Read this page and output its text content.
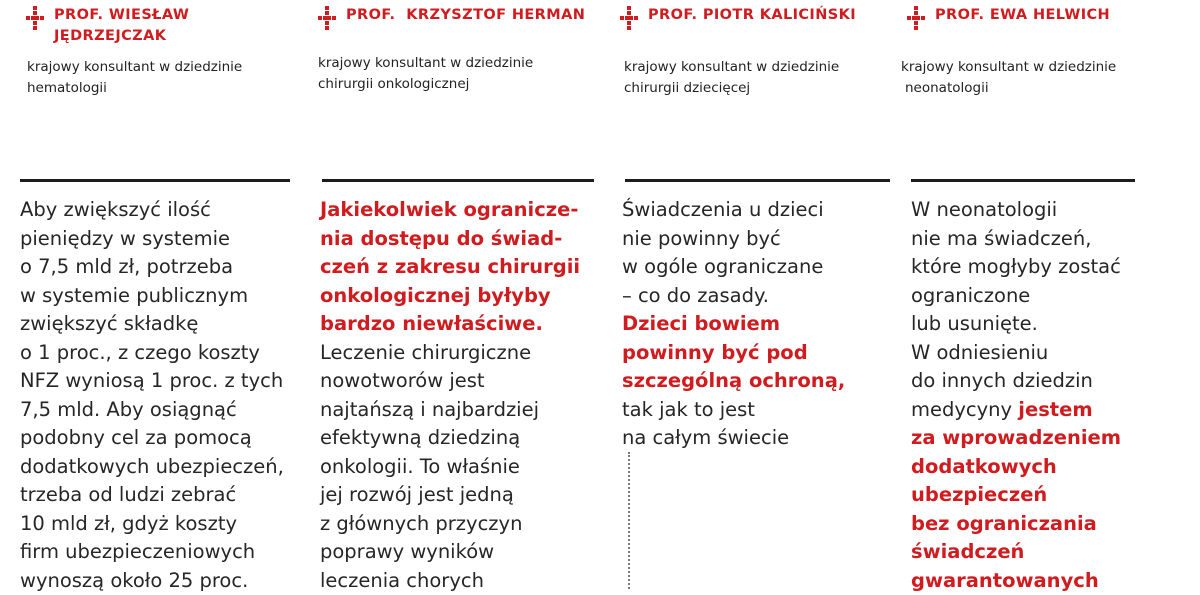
PROF. WIESŁAW
JĘDRZEJCZAK
krajowy konsultant w dziedzinie
hematologii
Aby zwiększyć ilość
pieniędzy w systemie
o 7,5 mld zł, potrzeba
w systemie publicznym
zwiększyć składkę
o 1 proc., z czego koszty
NFZ wyniosą 1 proc. z tych
7,5 mld. Aby osiągnąć
podobny cel za pomocą
dodatkowych ubezpieczeń,
trzeba od ludzi zebrać
10 mld zł, gdyż koszty
firm ubezpieczeniowych
wynoszą około 25 proc.
PROF.  KRZYSZTOF HERMAN
krajowy konsultant w dziedzinie
chirurgii onkologicznej
Jakiekolwiek ogranicze-
nia dostępu do świad-
czeń z zakresu chirurgii
onkologicznej byłyby
bardzo niewłaściwe.
Leczenie chirurgiczne
nowotworów jest
najtańszą i najbardziej
efektywną dziedziną
onkologii. To właśnie
jej rozwój jest jedną
z głównych przyczyn
poprawy wyników
leczenia chorych
PROF. PIOTR KALICIŃSKI
krajowy konsultant w dziedzinie
chirurgii dziecięcej
Świadczenia u dzieci
nie powinny być
w ogóle ograniczane
– co do zasady.
Dzieci bowiem
powinny być pod
szczególną ochroną,
tak jak to jest
na całym świecie
PROF. EWA HELWICH
krajowy konsultant w dziedzinie
neonatologii
W neonatologii
nie ma świadczeń,
które mogłyby zostać
ograniczone
lub usunięte.
W odniesieniu
do innych dziedzin
medycyny jestem
za wprowadzeniem
dodatkowych
ubezpieczeń
bez ograniczania
świadczeń
gwarantowanych
